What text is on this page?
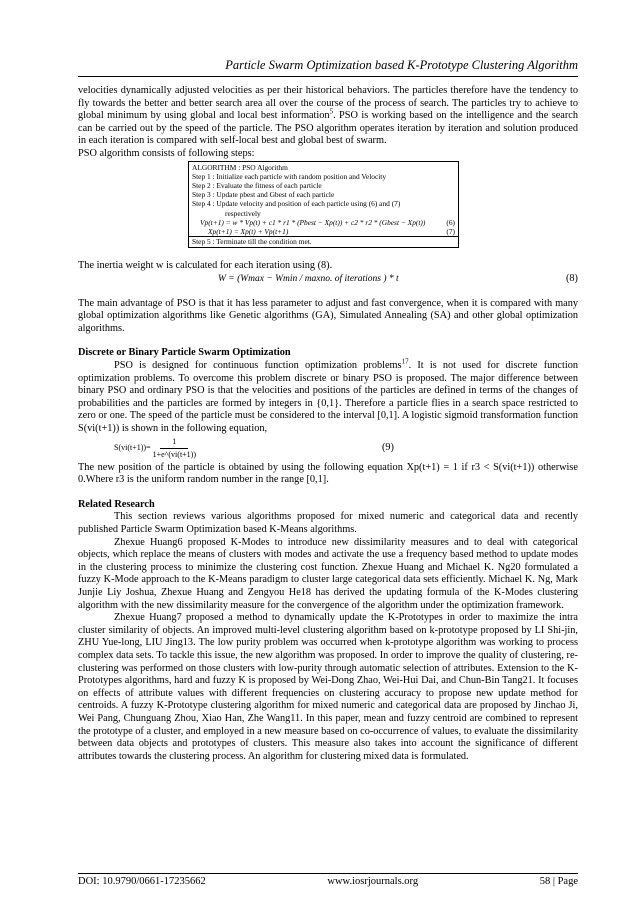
Particle Swarm Optimization based K-Prototype Clustering Algorithm

velocities dynamically adjusted velocities as per their historical behaviors. The particles therefore have the tendency to fly towards the better and better search area all over the course of the process of search. The particles try to achieve to global minimum by using global and local best information$^5$. PSO is working based on the intelligence and the search can be carried out by the speed of the particle. The PSO algorithm operates iteration by iteration and solution produced in each iteration is compared with self-local best and global best of swarm.

PSO algorithm consists of following steps:

ALGORITHM : PSO Algorithm
Step 1 : Initialize each particle with random position and Velocity
Step 2 : Evaluate the fitness of each particle
Step 3 : Update pbest and Gbest of each particle
Step 4 : Update velocity and position of each particle using (6) and (7)
respectively
Vp(t+1) = w * Vp(t) + c1 * r1 * (Pbest − Xp(t)) + c2 * r2 * (Gbest − Xp(t))	(6)
Xp(t+1) = Xp(t) + Vp(t+1)	(7)
Step 5 : Terminate till the condition met.

The inertia weight w is calculated for each iteration using (8).

W = (Wmax − Wmin / maxno. of iterations ) * t	(8)

The main advantage of PSO is that it has less parameter to adjust and fast convergence, when it is compared with many global optimization algorithms like Genetic algorithms (GA), Simulated Annealing (SA) and other global optimization algorithms.

Discrete or Binary Particle Swarm Optimization

PSO is designed for continuous function optimization problems$^{17}$. It is not used for discrete function optimization problems. To overcome this problem discrete or binary PSO is proposed. The major difference between binary PSO and ordinary PSO is that the velocities and positions of the particles are defined in terms of the changes of probabilities and the particles are formed by integers in {0,1}. Therefore a particle flies in a search space restricted to zero or one. The speed of the particle must be considered to the interval [0,1]. A logistic sigmoid transformation function S(vi(t+1)) is shown in the following equation,

$S(vi(t+1))= \frac{1}{1+e\^{}(vi(t+1))}$	(9)

The new position of the particle is obtained by using the following equation Xp(t+1) = 1 if r3 < S(vi(t+1)) otherwise 0.Where r3 is the uniform random number in the range [0,1].

Related Research

This section reviews various algorithms proposed for mixed numeric and categorical data and recently published Particle Swarm Optimization based K-Means algorithms.

Zhexue Huang6 proposed K-Modes to introduce new dissimilarity measures and to deal with categorical objects, which replace the means of clusters with modes and activate the use a frequency based method to update modes in the clustering process to minimize the clustering cost function. Zhexue Huang and Michael K. Ng20 formulated a fuzzy K-Mode approach to the K-Means paradigm to cluster large categorical data sets efficiently. Michael K. Ng, Mark Junjie Liy Joshua, Zhexue Huang and Zengyou He18 has derived the updating formula of the K-Modes clustering algorithm with the new dissimilarity measure for the convergence of the algorithm under the optimization framework.

Zhexue Huang7 proposed a method to dynamically update the K-Prototypes in order to maximize the intra cluster similarity of objects. An improved multi-level clustering algorithm based on k-prototype proposed by LI Shi-jin, ZHU Yue-long, LIU Jing13. The low purity problem was occurred when k-prototype algorithm was working to process complex data sets. To tackle this issue, the new algorithm was proposed. In order to improve the quality of clustering, re-clustering was performed on those clusters with low-purity through automatic selection of attributes. Extension to the K-Prototypes algorithms, hard and fuzzy K is proposed by Wei-Dong Zhao, Wei-Hui Dai, and Chun-Bin Tang21. It focuses on effects of attribute values with different frequencies on clustering accuracy to propose new update method for centroids. A fuzzy K-Prototype clustering algorithm for mixed numeric and categorical data are proposed by Jinchao Ji, Wei Pang, Chunguang Zhou, Xiao Han, Zhe Wang11. In this paper, mean and fuzzy centroid are combined to represent the prototype of a cluster, and employed in a new measure based on co-occurrence of values, to evaluate the dissimilarity between data objects and prototypes of clusters. This measure also takes into account the significance of different attributes towards the clustering process. An algorithm for clustering mixed data is formulated.

DOI: 10.9790/0661-17235662	www.iosrjournals.org	58 | Page
